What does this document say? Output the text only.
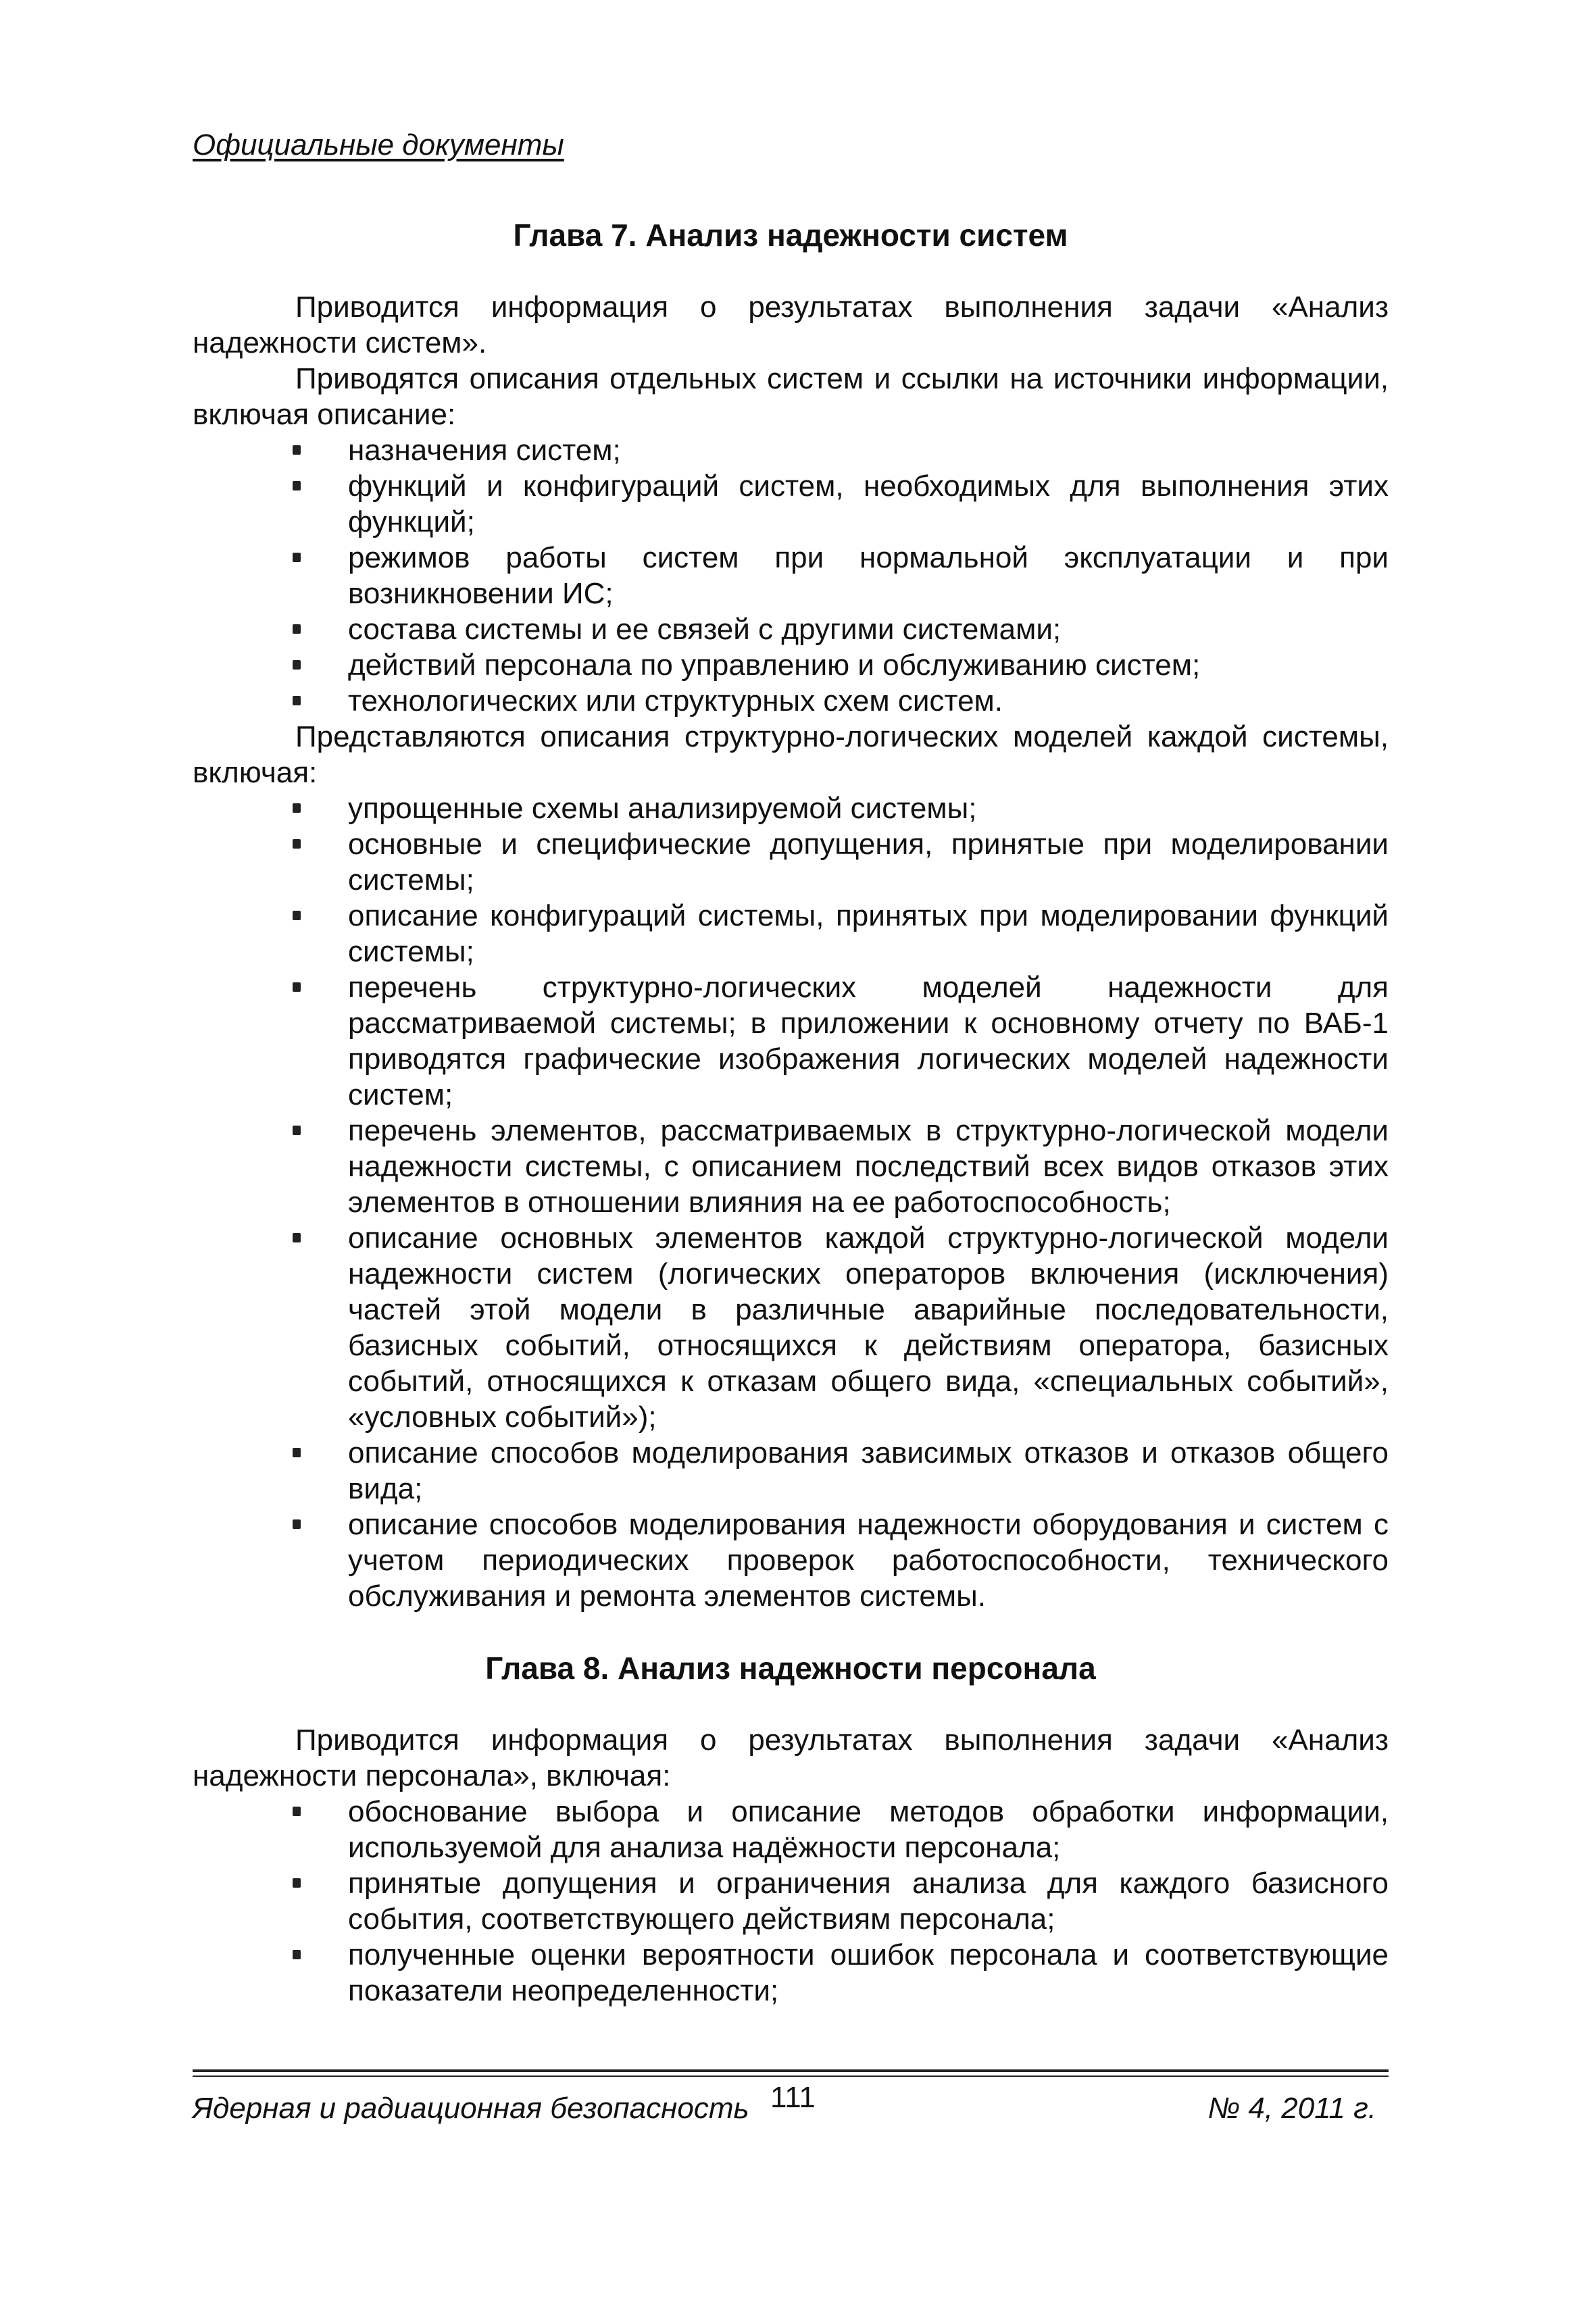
Официальные документы
Глава 7. Анализ надежности систем

Приводится информация о результатах выполнения задачи «Анализ надежности систем».

Приводятся описания отдельных систем и ссылки на источники информации, включая описание:

назначения систем;
функций и конфигураций систем, необходимых для выполнения этих функций;
режимов работы систем при нормальной эксплуатации и при возникновении ИС;
состава системы и ее связей с другими системами;
действий персонала по управлению и обслуживанию систем;
технологических или структурных схем систем.

Представляются описания структурно-логических моделей каждой системы, включая:

упрощенные схемы анализируемой системы;
основные и специфические допущения, принятые при моделировании системы;
описание конфигураций системы, принятых при моделировании функций системы;
перечень структурно-логических моделей надежности для рассматриваемой системы; в приложении к основному отчету по ВАБ-1 приводятся графические изображения логических моделей надежности систем;
перечень элементов, рассматриваемых в структурно-логической модели надежности системы, с описанием последствий всех видов отказов этих элементов в отношении влияния на ее работоспособность;
описание основных элементов каждой структурно-логической модели надежности систем (логических операторов включения (исключения) частей этой модели в различные аварийные последовательности, базисных событий, относящихся к действиям оператора, базисных событий, относящихся к отказам общего вида, «специальных событий», «условных событий»);
описание способов моделирования зависимых отказов и отказов общего вида;
описание способов моделирования надежности оборудования и систем с учетом периодических проверок работоспособности, технического обслуживания и ремонта элементов системы.
Глава 8. Анализ надежности персонала

Приводится информация о результатах выполнения задачи «Анализ надежности персонала», включая:

обоснование выбора и описание методов обработки информации, используемой для анализа надёжности персонала;
принятые допущения и ограничения анализа для каждого базисного события, соответствующего действиям персонала;
полученные оценки вероятности ошибок персонала и соответствующие показатели неопределенности;
Ядерная и радиационная безопасность 111	№ 4, 2011 г.
